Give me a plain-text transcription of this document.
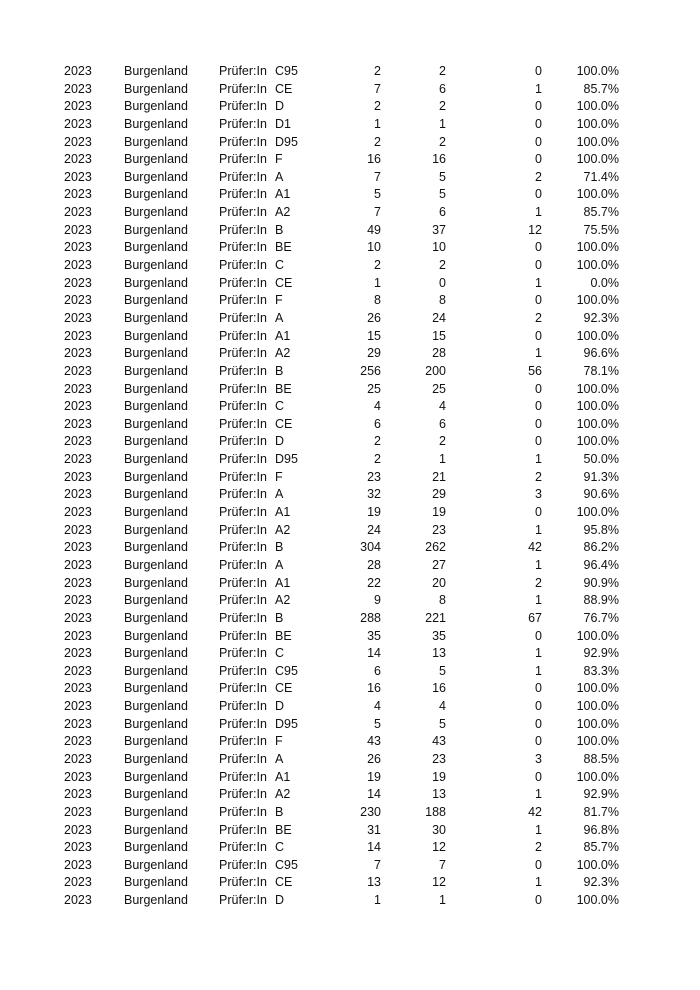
2023	Burgenland	Prüfer:In C95	2	2	0	100.0%
2023	Burgenland	Prüfer:In CE	7	6	1	85.7%
2023	Burgenland	Prüfer:In D	2	2	0	100.0%
2023	Burgenland	Prüfer:In D1	1	1	0	100.0%
2023	Burgenland	Prüfer:In D95	2	2	0	100.0%
2023	Burgenland	Prüfer:In F	16	16	0	100.0%
2023	Burgenland	Prüfer:In A	7	5	2	71.4%
2023	Burgenland	Prüfer:In A1	5	5	0	100.0%
2023	Burgenland	Prüfer:In A2	7	6	1	85.7%
2023	Burgenland	Prüfer:In B	49	37	12	75.5%
2023	Burgenland	Prüfer:In BE	10	10	0	100.0%
2023	Burgenland	Prüfer:In C	2	2	0	100.0%
2023	Burgenland	Prüfer:In CE	1	0	1	0.0%
2023	Burgenland	Prüfer:In F	8	8	0	100.0%
2023	Burgenland	Prüfer:In A	26	24	2	92.3%
2023	Burgenland	Prüfer:In A1	15	15	0	100.0%
2023	Burgenland	Prüfer:In A2	29	28	1	96.6%
2023	Burgenland	Prüfer:In B	256	200	56	78.1%
2023	Burgenland	Prüfer:In BE	25	25	0	100.0%
2023	Burgenland	Prüfer:In C	4	4	0	100.0%
2023	Burgenland	Prüfer:In CE	6	6	0	100.0%
2023	Burgenland	Prüfer:In D	2	2	0	100.0%
2023	Burgenland	Prüfer:In D95	2	1	1	50.0%
2023	Burgenland	Prüfer:In F	23	21	2	91.3%
2023	Burgenland	Prüfer:In A	32	29	3	90.6%
2023	Burgenland	Prüfer:In A1	19	19	0	100.0%
2023	Burgenland	Prüfer:In A2	24	23	1	95.8%
2023	Burgenland	Prüfer:In B	304	262	42	86.2%
2023	Burgenland	Prüfer:In A	28	27	1	96.4%
2023	Burgenland	Prüfer:In A1	22	20	2	90.9%
2023	Burgenland	Prüfer:In A2	9	8	1	88.9%
2023	Burgenland	Prüfer:In B	288	221	67	76.7%
2023	Burgenland	Prüfer:In BE	35	35	0	100.0%
2023	Burgenland	Prüfer:In C	14	13	1	92.9%
2023	Burgenland	Prüfer:In C95	6	5	1	83.3%
2023	Burgenland	Prüfer:In CE	16	16	0	100.0%
2023	Burgenland	Prüfer:In D	4	4	0	100.0%
2023	Burgenland	Prüfer:In D95	5	5	0	100.0%
2023	Burgenland	Prüfer:In F	43	43	0	100.0%
2023	Burgenland	Prüfer:In A	26	23	3	88.5%
2023	Burgenland	Prüfer:In A1	19	19	0	100.0%
2023	Burgenland	Prüfer:In A2	14	13	1	92.9%
2023	Burgenland	Prüfer:In B	230	188	42	81.7%
2023	Burgenland	Prüfer:In BE	31	30	1	96.8%
2023	Burgenland	Prüfer:In C	14	12	2	85.7%
2023	Burgenland	Prüfer:In C95	7	7	0	100.0%
2023	Burgenland	Prüfer:In CE	13	12	1	92.3%
2023	Burgenland	Prüfer:In D	1	1	0	100.0%
